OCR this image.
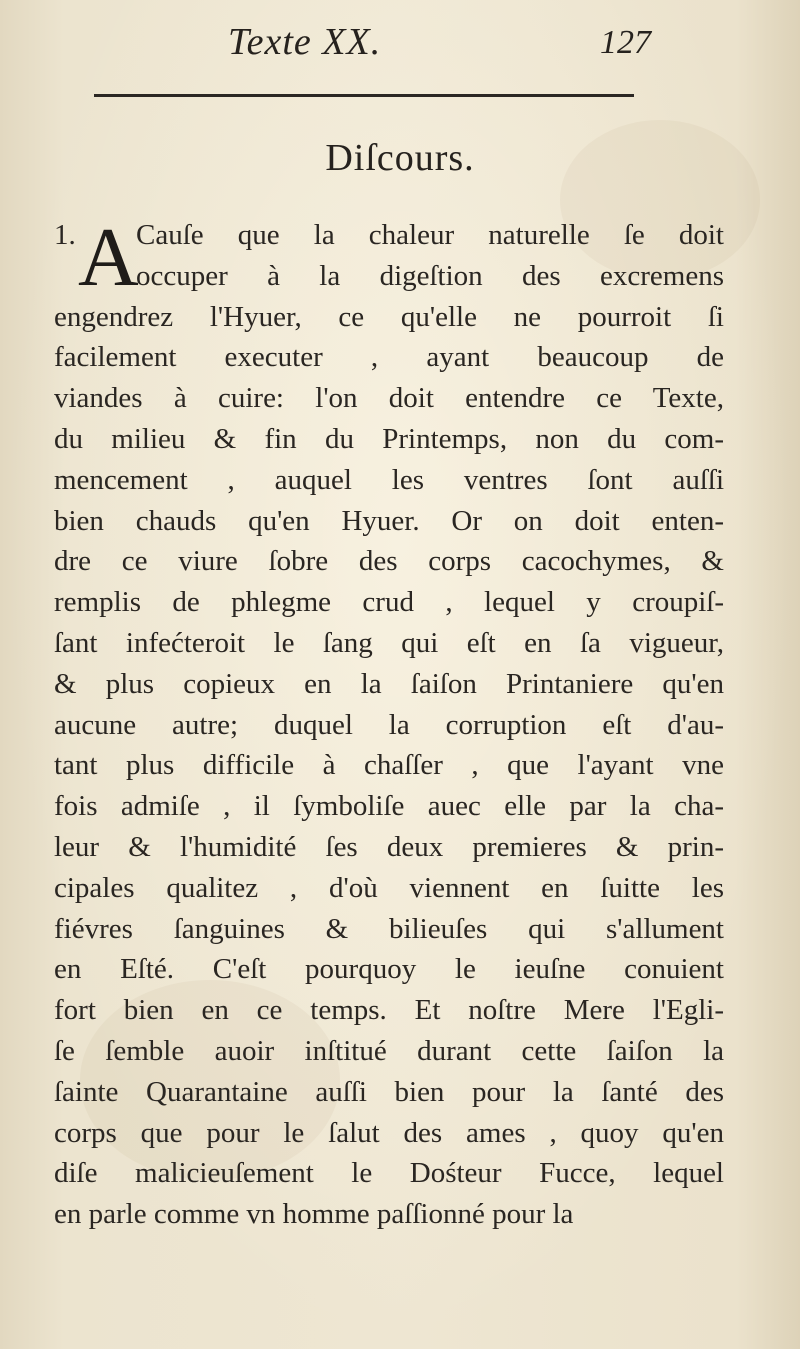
Texte XX.	127
Diſcours.
1. A
Cauſe que la chaleur naturelle ſe doit
occuper à la digeſtion des excremens
engendrez l'Hyuer, ce qu'elle ne pourroit ſi
facilement executer , ayant beaucoup de
viandes à cuire: l'on doit entendre ce Texte,
du milieu & fin du Printemps, non du com-
mencement , auquel les ventres ſont auſſi
bien chauds qu'en Hyuer. Or on doit enten-
dre ce viure ſobre des corps cacochymes, &
remplis de phlegme crud , lequel y croupiſ-
ſant infećteroit le ſang qui eſt en ſa vigueur,
& plus copieux en la ſaiſon Printaniere qu'en
aucune autre; duquel la corruption eſt d'au-
tant plus difficile à chaſſer , que l'ayant vne
fois admiſe , il ſymboliſe auec elle par la cha-
leur & l'humidité ſes deux premieres & prin-
cipales qualitez , d'où viennent en ſuitte les
fiévres ſanguines & bilieuſes qui s'allument
en Eſté. C'eſt pourquoy le ieuſne conuient
fort bien en ce temps. Et noſtre Mere l'Egli-
ſe ſemble auoir inſtitué durant cette ſaiſon la
ſainte Quarantaine auſſi bien pour la ſanté des
corps que pour le ſalut des ames , quoy qu'en
diſe malicieuſement le Dośteur Fucce, lequel
en parle comme vn homme paſſionné pour la
